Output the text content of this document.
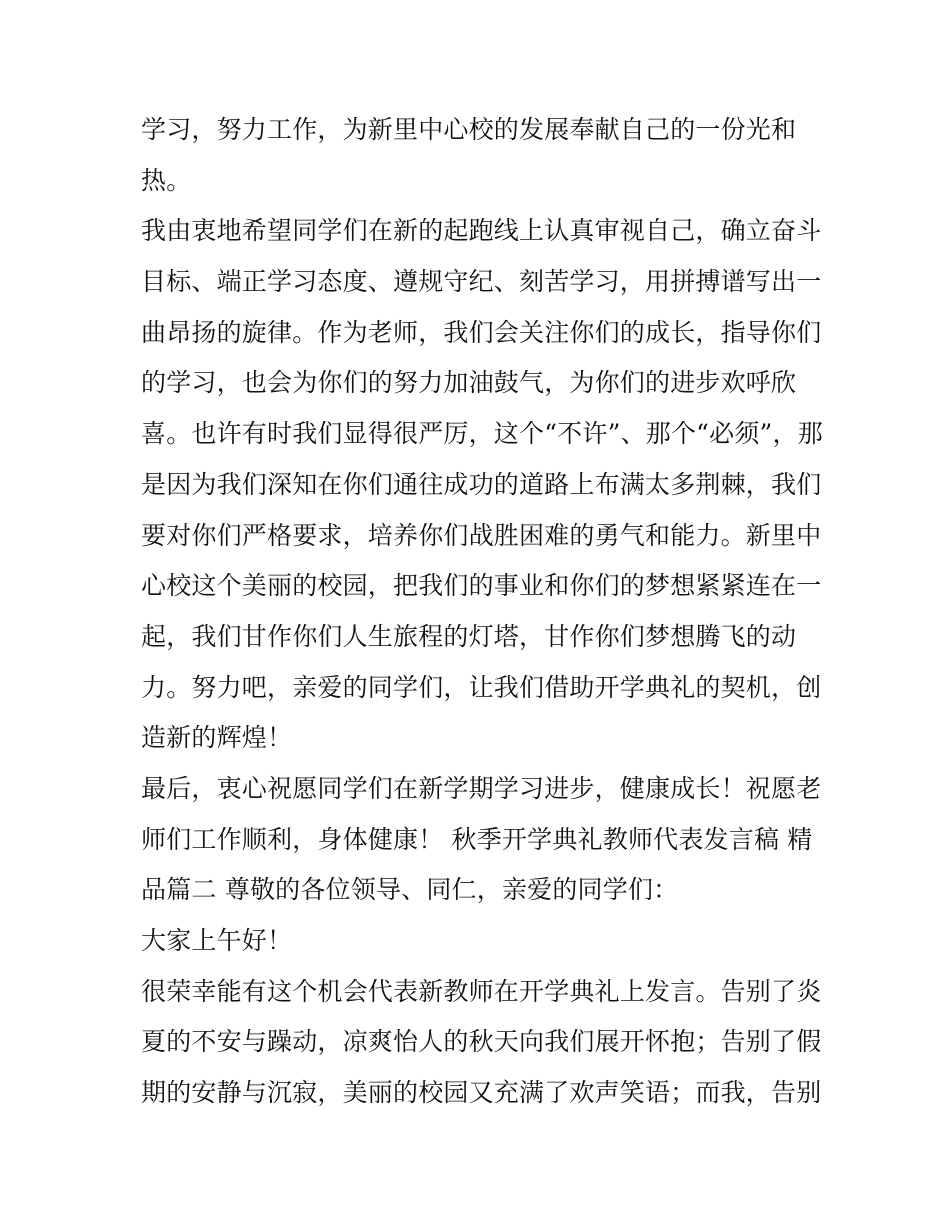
学习，努力工作，为新里中心校的发展奉献自己的一份光和
热。
我由衷地希望同学们在新的起跑线上认真审视自己，确立奋斗
目标、端正学习态度、遵规守纪、刻苦学习，用拼搏谱写出一
曲昂扬的旋律。作为老师，我们会关注你们的成长，指导你们
的学习，也会为你们的努力加油鼓气，为你们的进步欢呼欣
喜。也许有时我们显得很严厉，这个“不许”、那个“必须”，那
是因为我们深知在你们通往成功的道路上布满太多荆棘，我们
要对你们严格要求，培养你们战胜困难的勇气和能力。新里中
心校这个美丽的校园，把我们的事业和你们的梦想紧紧连在一
起，我们甘作你们人生旅程的灯塔，甘作你们梦想腾飞的动
力。努力吧，亲爱的同学们，让我们借助开学典礼的契机，创
造新的辉煌！
最后，衷心祝愿同学们在新学期学习进步，健康成长！祝愿老
师们工作顺利，身体健康！ 秋季开学典礼教师代表发言稿 精
品篇二 尊敬的各位领导、同仁，亲爱的同学们：
大家上午好！
很荣幸能有这个机会代表新教师在开学典礼上发言。告别了炎
夏的不安与躁动，凉爽怡人的秋天向我们展开怀抱；告别了假
期的安静与沉寂，美丽的校园又充满了欢声笑语；而我，告别
